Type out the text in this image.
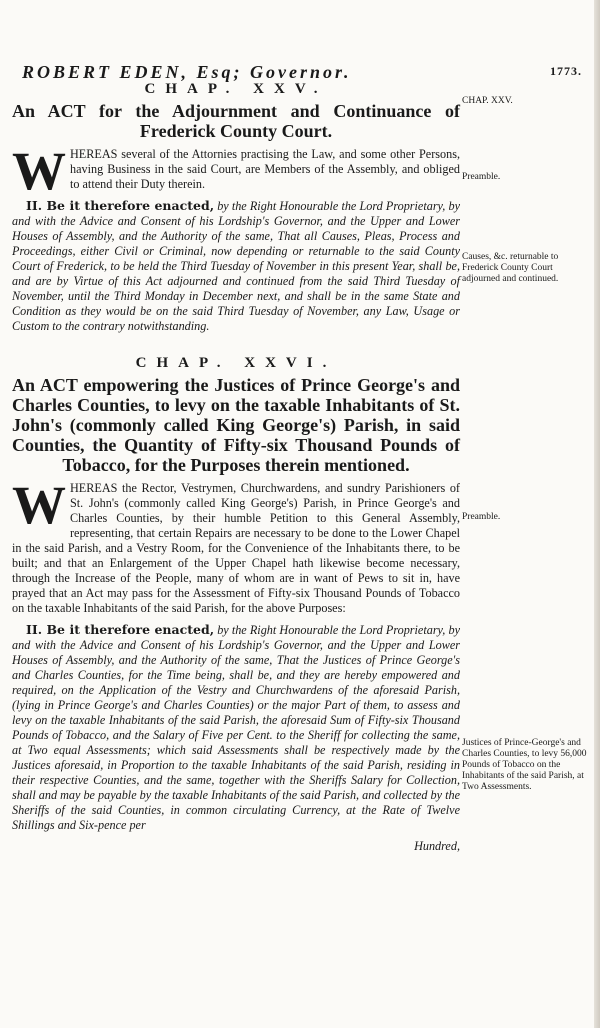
ROBERT EDEN, Esq; Governor.	1773.
CHAP. XXV.
An ACT for the Adjournment and Continuance of Frederick County Court.

WHEREAS several of the Attornies practising the Law, and some other Persons, having Business in the said Court, are Members of the Assembly, and obliged to attend their Duty therein.

II. Be it therefore enacted, by the Right Honourable the Lord Proprietary, by and with the Advice and Consent of his Lordship's Governor, and the Upper and Lower Houses of Assembly, and the Authority of the same, That all Causes, Pleas, Process and Proceedings, either Civil or Criminal, now depending or returnable to the said County Court of Frederick, to be held the Third Tuesday of November in this present Year, shall be, and are by Virtue of this Act adjourned and continued from the said Third Tuesday of November, until the Third Monday in December next, and shall be in the same State and Condition as they would be on the said Third Tuesday of November, any Law, Usage or Custom to the contrary notwithstanding.

CHAP. XXVI.
An ACT empowering the Justices of Prince George's and Charles Counties, to levy on the taxable Inhabitants of St. John's (commonly called King George's) Parish, in said Counties, the Quantity of Fifty-six Thousand Pounds of Tobacco, for the Purposes therein mentioned.

WHEREAS the Rector, Vestrymen, Churchwardens, and sundry Parishioners of St. John's (commonly called King George's) Parish, in Prince George's and Charles Counties, by their humble Petition to this General Assembly, representing, that certain Repairs are necessary to be done to the Lower Chapel in the said Parish, and a Vestry Room, for the Convenience of the Inhabitants there, to be built; and that an Enlargement of the Upper Chapel hath likewise become necessary, through the Increase of the People, many of whom are in want of Pews to sit in, have prayed that an Act may pass for the Assessment of Fifty-six Thousand Pounds of Tobacco on the taxable Inhabitants of the said Parish, for the above Purposes:

II. Be it therefore enacted, by the Right Honourable the Lord Proprietary, by and with the Advice and Consent of his Lordship's Governor, and the Upper and Lower Houses of Assembly, and the Authority of the same, That the Justices of Prince George's and Charles Counties, for the Time being, shall be, and they are hereby empowered and required, on the Application of the Vestry and Churchwardens of the aforesaid Parish, (lying in Prince George's and Charles Counties) or the major Part of them, to assess and levy on the taxable Inhabitants of the said Parish, the aforesaid Sum of Fifty-six Thousand Pounds of Tobacco, and the Salary of Five per Cent. to the Sheriff for collecting the same, at Two equal Assessments; which said Assessments shall be respectively made by the Justices aforesaid, in Proportion to the taxable Inhabitants of the said Parish, residing in their respective Counties, and the same, together with the Sheriffs Salary for Collection, shall and may be payable by the taxable Inhabitants of the said Parish, and collected by the Sheriffs of the said Counties, in common circulating Currency, at the Rate of Twelve Shillings and Six-pence per

Hundred,
CHAP. XXV.
Preamble.
Causes, &c. returnable to Frederick County Court adjourned and continued.
Preamble.
Justices of Prince-George's and Charles Counties, to levy 56,000 Pounds of Tobacco on the Inhabitants of the said Parish, at Two Assessments.
